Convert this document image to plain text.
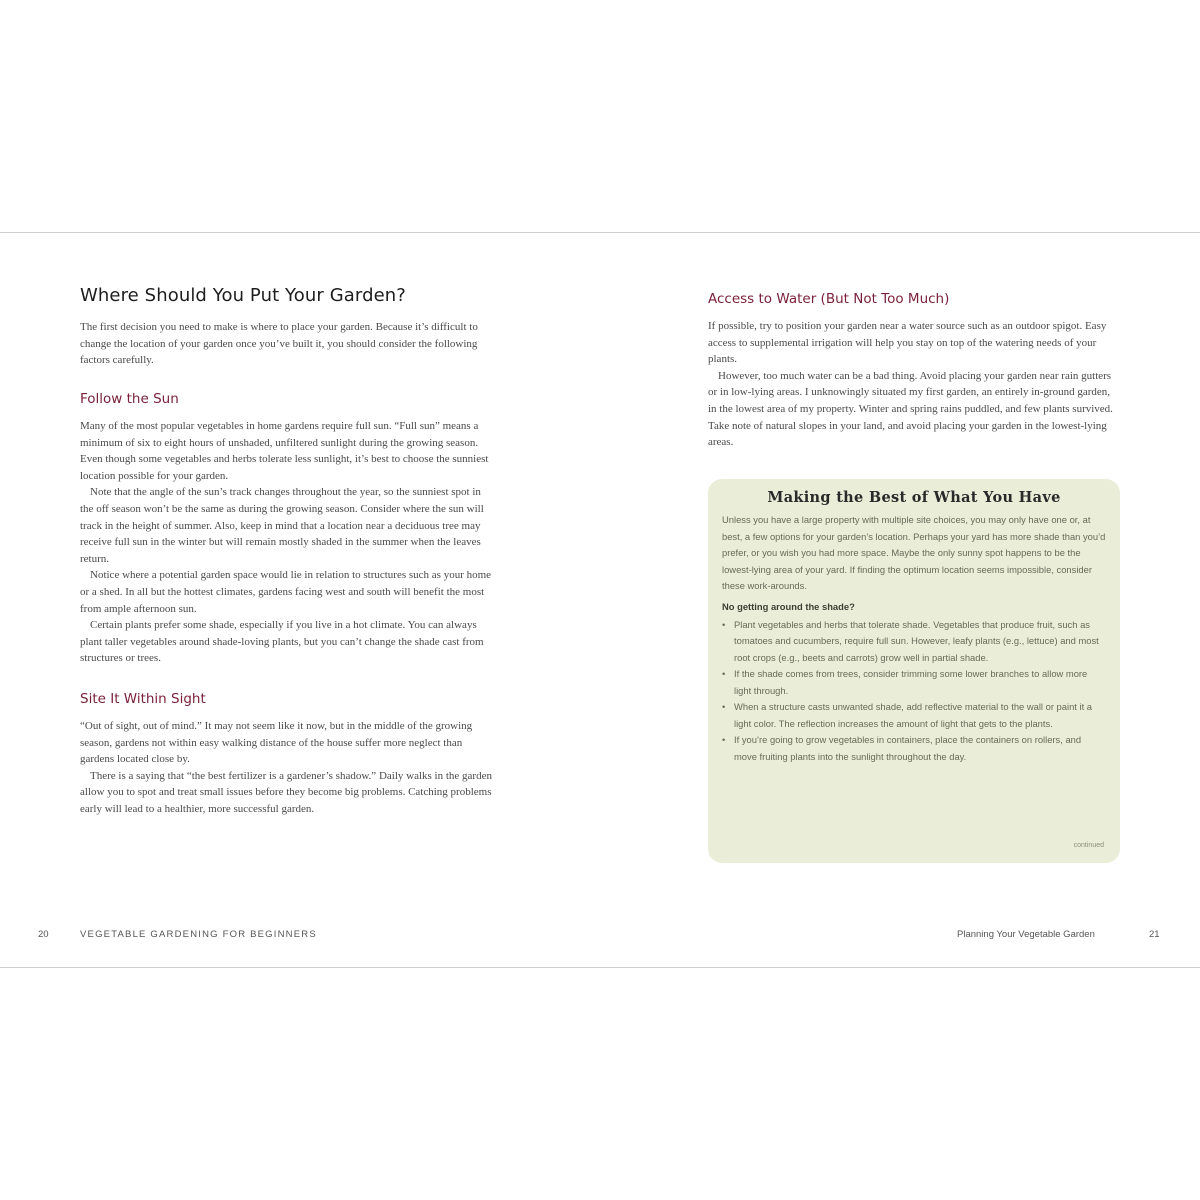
Where Should You Put Your Garden?

The first decision you need to make is where to place your garden. Because it’s difficult to change the location of your garden once you’ve built it, you should consider the following factors carefully.

Follow the Sun

Many of the most popular vegetables in home gardens require full sun. “Full sun” means a minimum of six to eight hours of unshaded, unfiltered sunlight during the growing season. Even though some vegetables and herbs tolerate less sunlight, it’s best to choose the sunniest location possible for your garden.

Note that the angle of the sun’s track changes throughout the year, so the sunniest spot in the off season won’t be the same as during the growing season. Consider where the sun will track in the height of summer. Also, keep in mind that a location near a deciduous tree may receive full sun in the winter but will remain mostly shaded in the summer when the leaves return.

Notice where a potential garden space would lie in relation to structures such as your home or a shed. In all but the hottest climates, gardens facing west and south will benefit the most from ample afternoon sun.

Certain plants prefer some shade, especially if you live in a hot climate. You can always plant taller vegetables around shade-loving plants, but you can’t change the shade cast from structures or trees.

Site It Within Sight

“Out of sight, out of mind.” It may not seem like it now, but in the middle of the growing season, gardens not within easy walking distance of the house suffer more neglect than gardens located close by.

There is a saying that “the best fertilizer is a gardener’s shadow.” Daily walks in the garden allow you to spot and treat small issues before they become big problems. Catching problems early will lead to a healthier, more successful garden.

20	VEGETABLE GARDENING FOR BEGINNERS
Access to Water (But Not Too Much)

If possible, try to position your garden near a water source such as an outdoor spigot. Easy access to supplemental irrigation will help you stay on top of the watering needs of your plants.

However, too much water can be a bad thing. Avoid placing your garden near rain gutters or in low-lying areas. I unknowingly situated my first garden, an entirely in-ground garden, in the lowest area of my property. Winter and spring rains puddled, and few plants survived. Take note of natural slopes in your land, and avoid placing your garden in the lowest-lying areas.

Making the Best of What You Have

Unless you have a large property with multiple site choices, you may only have one or, at best, a few options for your garden’s location. Perhaps your yard has more shade than you’d prefer, or you wish you had more space. Maybe the only sunny spot happens to be the lowest-lying area of your yard. If finding the optimum location seems impossible, consider these work-arounds.

No getting around the shade?

• Plant vegetables and herbs that tolerate shade. Vegetables that produce fruit, such as tomatoes and cucumbers, require full sun. However, leafy plants (e.g., lettuce) and most root crops (e.g., beets and carrots) grow well in partial shade.
• If the shade comes from trees, consider trimming some lower branches to allow more light through.
• When a structure casts unwanted shade, add reflective material to the wall or paint it a light color. The reflection increases the amount of light that gets to the plants.
• If you’re going to grow vegetables in containers, place the containers on rollers, and move fruiting plants into the sunlight throughout the day.
continued
Planning Your Vegetable Garden	21
